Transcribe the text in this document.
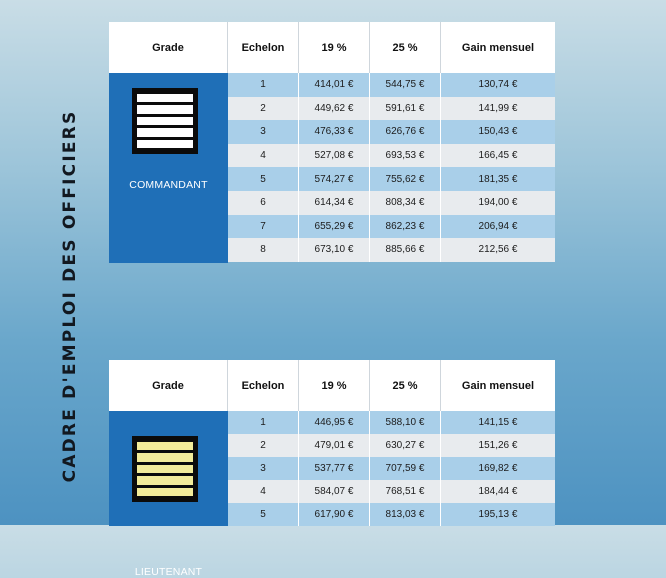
CADRE D'EMPLOI DES OFFICIERS
Grade	Echelon	19 %	25 %	Gain mensuel
COMMANDANT
1	414,01 €	544,75 €	130,74 €
2	449,62 €	591,61 €	141,99 €
3	476,33 €	626,76 €	150,43 €
4	527,08 €	693,53 €	166,45 €
5	574,27 €	755,62 €	181,35 €
6	614,34 €	808,34 €	194,00 €
7	655,29 €	862,23 €	206,94 €
8	673,10 €	885,66 €	212,56 €
Grade	Echelon	19 %	25 %	Gain mensuel
LIEUTENANT
1	446,95 €	588,10 €	141,15 €
2	479,01 €	630,27 €	151,26 €
3	537,77 €	707,59 €	169,82 €
4	584,07 €	768,51 €	184,44 €
5	617,90 €	813,03 €	195,13 €
